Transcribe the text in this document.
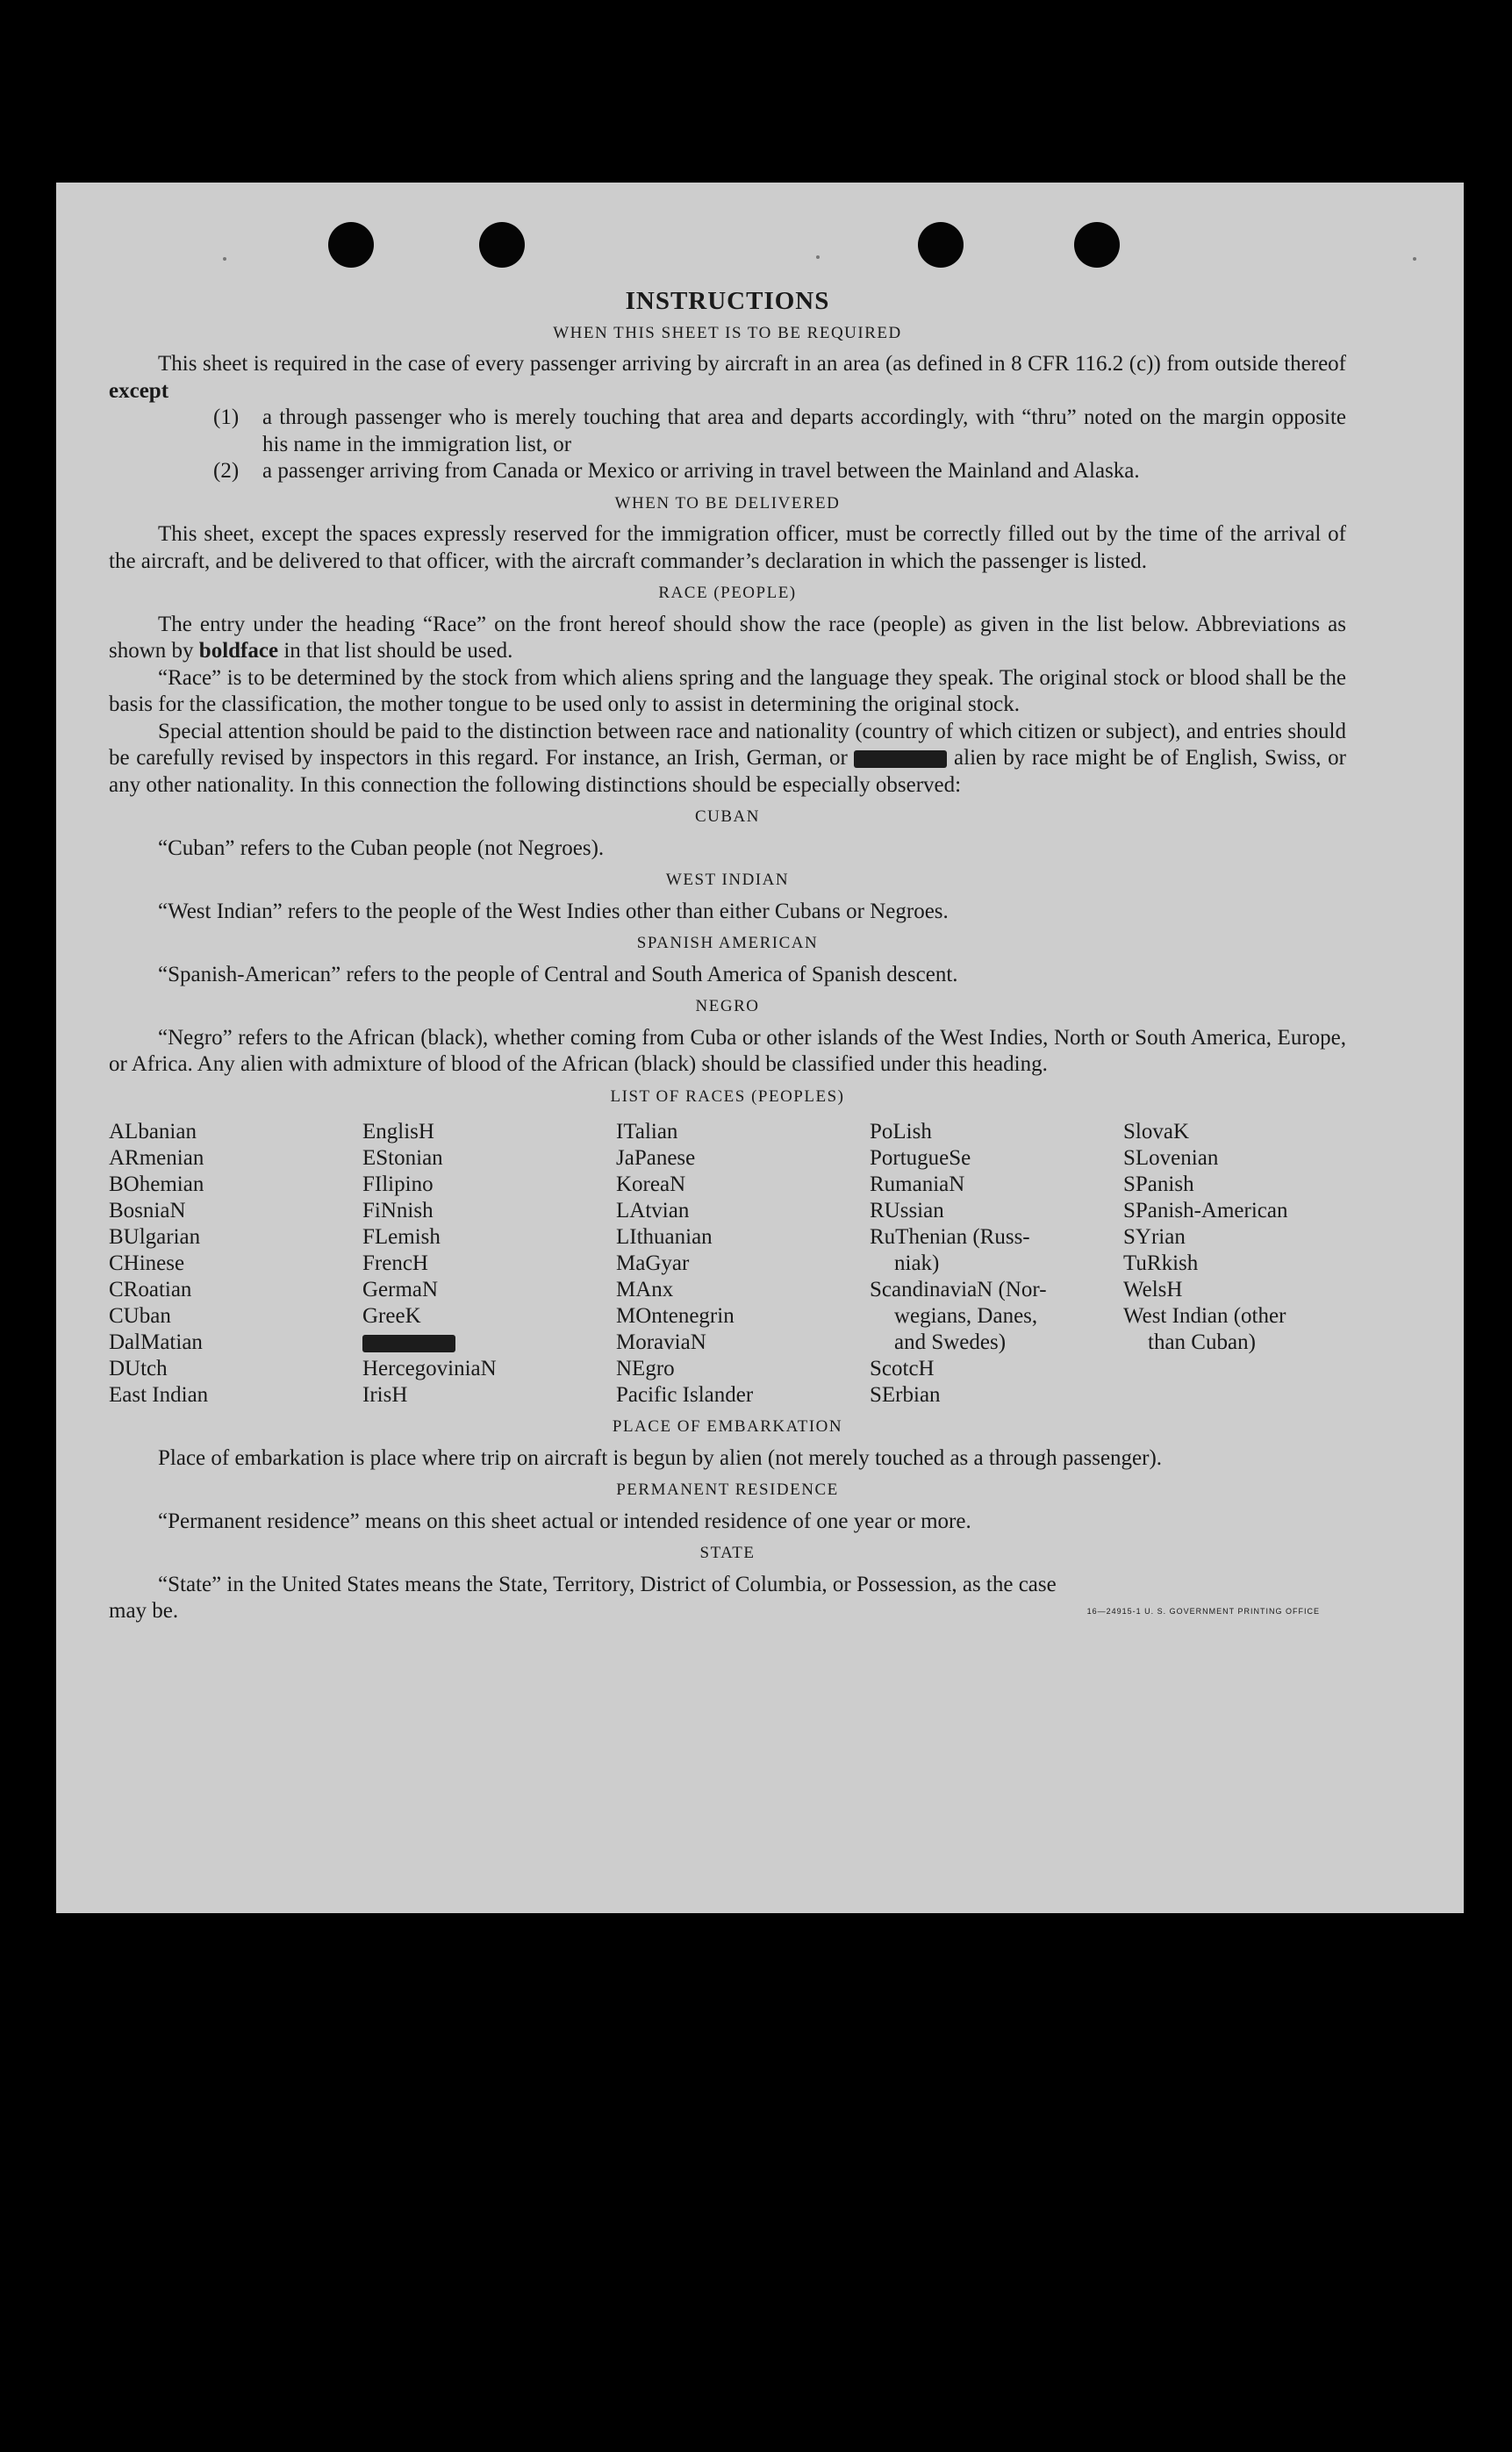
INSTRUCTIONS
WHEN THIS SHEET IS TO BE REQUIRED

This sheet is required in the case of every passenger arriving by aircraft in an area (as defined in 8 CFR 116.2 (c)) from outside thereof except

(1) a through passenger who is merely touching that area and departs accordingly, with “thru” noted on the margin opposite his name in the immigration list, or
(2) a passenger arriving from Canada or Mexico or arriving in travel between the Mainland and Alaska.
WHEN TO BE DELIVERED

This sheet, except the spaces expressly reserved for the immigration officer, must be correctly filled out by the time of the arrival of the aircraft, and be delivered to that officer, with the aircraft commander’s declaration in which the passenger is listed.

RACE (PEOPLE)

The entry under the heading “Race” on the front hereof should show the race (people) as given in the list below. Abbreviations as shown by boldface in that list should be used.

“Race” is to be determined by the stock from which aliens spring and the language they speak. The original stock or blood shall be the basis for the classification, the mother tongue to be used only to assist in determining the original stock.

Special attention should be paid to the distinction between race and nationality (country of which citizen or subject), and entries should be carefully revised by inspectors in this regard. For instance, an Irish, German, or	alien by race might be of English, Swiss, or any other nationality. In this connection the following distinctions should be especially observed:

CUBAN

“Cuban” refers to the Cuban people (not Negroes).

WEST INDIAN

“West Indian” refers to the people of the West Indies other than either Cubans or Negroes.

SPANISH AMERICAN

“Spanish-American” refers to the people of Central and South America of Spanish descent.

NEGRO

“Negro” refers to the African (black), whether coming from Cuba or other islands of the West Indies, North or South America, Europe, or Africa. Any alien with admixture of blood of the African (black) should be classified under this heading.

LIST OF RACES (PEOPLES)
ALbanian
ARmenian
BOhemian
BosniaN
BUlgarian
CHinese
CRoatian
CUban
DalMatian
DUtch
East Indian
EnglisH
EStonian
FIlipino
FiNnish
FLemish
FrencH
GermaN
GreeK
HercegoviniaN
IrisH
ITalian
JaPanese
KoreaN
LAtvian
LIthuanian
MaGyar
MAnx
MOntenegrin
MoraviaN
NEgro
Pacific Islander
PoLish
PortugueSe
RumaniaN
RUssian
RuThenian (Russ-
niak)
ScandinaviaN (Nor-
wegians, Danes,
and Swedes)
ScotcH
SErbian
SlovaK
SLovenian
SPanish
SPanish-American
SYrian
TuRkish
WelsH
West Indian (other
than Cuban)
PLACE OF EMBARKATION

Place of embarkation is place where trip on aircraft is begun by alien (not merely touched as a through passenger).

PERMANENT RESIDENCE

“Permanent residence” means on this sheet actual or intended residence of one year or more.

STATE

“State” in the United States means the State, Territory, District of Columbia, or Possession, as the case

may be.	16—24915-1 U. S. GOVERNMENT PRINTING OFFICE
